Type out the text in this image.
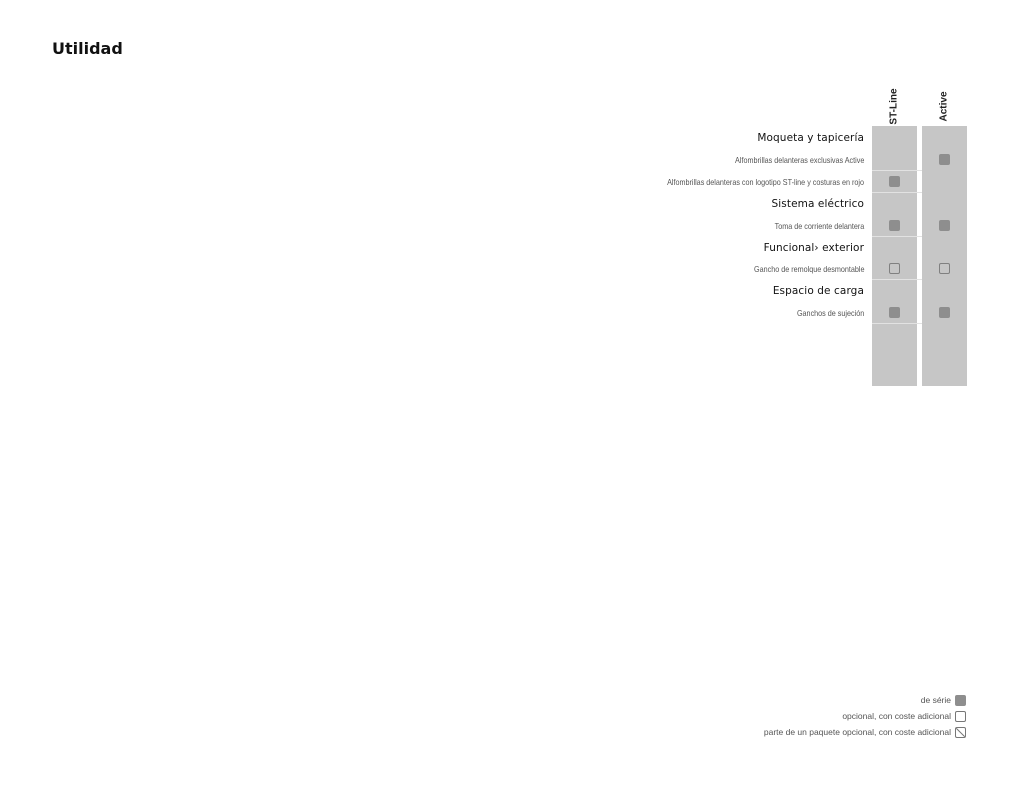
Utilidad
ST-Line	Active
Moqueta y tapicería
Alfombrillas delanteras exclusivas Active
Alfombrillas delanteras con logotipo ST-line y costuras en rojo
Sistema eléctrico
Toma de corriente delantera
Funcional› exterior
Gancho de remolque desmontable
Espacio de carga
Ganchos de sujeción
de série
opcional, con coste adicional
parte de un paquete opcional, con coste adicional
